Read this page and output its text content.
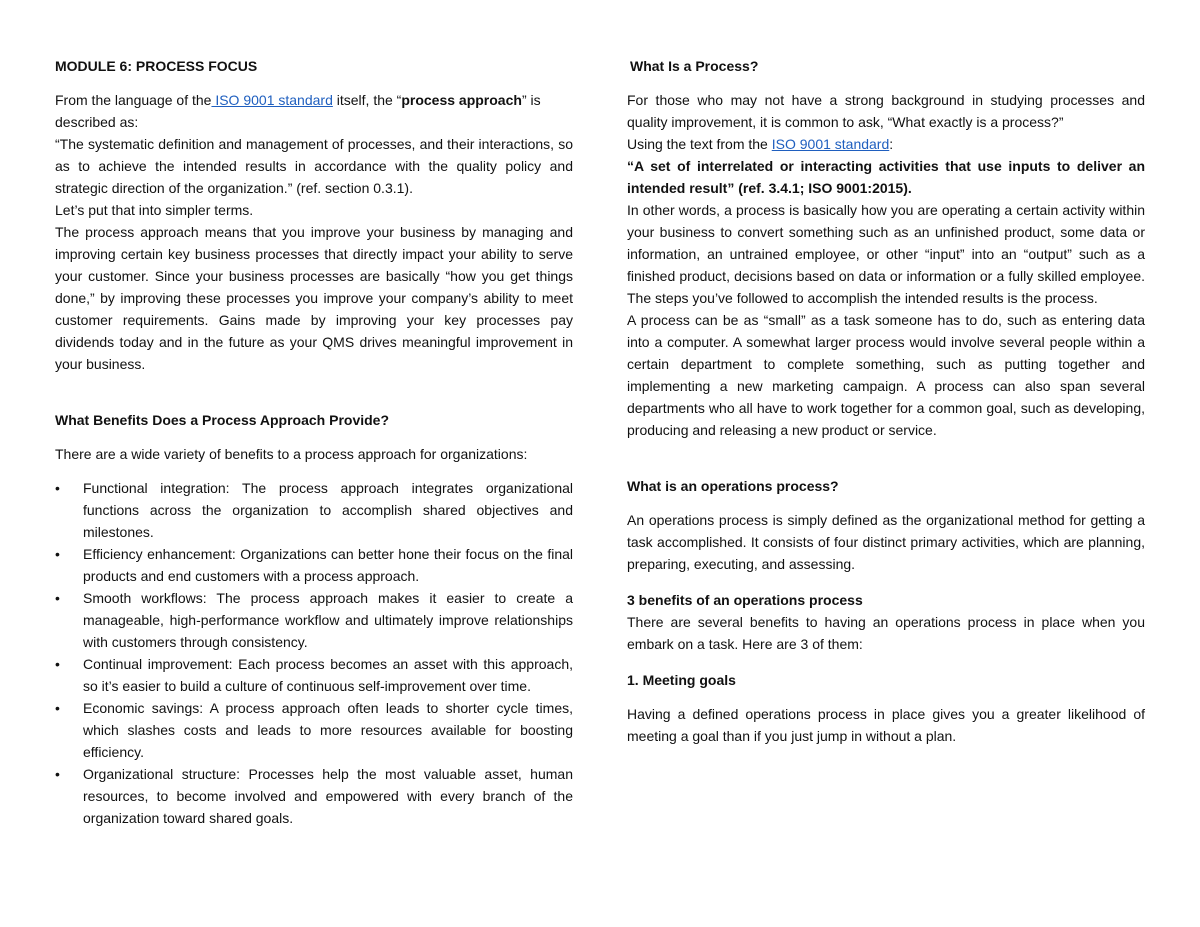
MODULE 6: PROCESS FOCUS

From the language of the ISO 9001 standard itself, the “process approach” is described as:

“The systematic definition and management of processes, and their interactions, so as to achieve the intended results in accordance with the quality policy and strategic direction of the organization.” (ref. section 0.3.1).

Let’s put that into simpler terms.

The process approach means that you improve your business by managing and improving certain key business processes that directly impact your ability to serve your customer. Since your business processes are basically “how you get things done,” by improving these processes you improve your company’s ability to meet customer requirements. Gains made by improving your key processes pay dividends today and in the future as your QMS drives meaningful improvement in your business.

What Benefits Does a Process Approach Provide?

There are a wide variety of benefits to a process approach for organizations:

• Functional integration: The process approach integrates organizational functions across the organization to accomplish shared objectives and milestones.
• Efficiency enhancement: Organizations can better hone their focus on the final products and end customers with a process approach.
• Smooth workflows: The process approach makes it easier to create a manageable, high-performance workflow and ultimately improve relationships with customers through consistency.
• Continual improvement: Each process becomes an asset with this approach, so it’s easier to build a culture of continuous self-improvement over time.
• Economic savings: A process approach often leads to shorter cycle times, which slashes costs and leads to more resources available for boosting efficiency.
• Organizational structure: Processes help the most valuable asset, human resources, to become involved and empowered with every branch of the organization toward shared goals.
What Is a Process?

For those who may not have a strong background in studying processes and quality improvement, it is common to ask, “What exactly is a process?”

Using the text from the ISO 9001 standard:

“A set of interrelated or interacting activities that use inputs to deliver an intended result” (ref. 3.4.1; ISO 9001:2015).

In other words, a process is basically how you are operating a certain activity within your business to convert something such as an unfinished product, some data or information, an untrained employee, or other “input” into an “output” such as a finished product, decisions based on data or information or a fully skilled employee. The steps you’ve followed to accomplish the intended results is the process.

A process can be as “small” as a task someone has to do, such as entering data into a computer. A somewhat larger process would involve several people within a certain department to complete something, such as putting together and implementing a new marketing campaign. A process can also span several departments who all have to work together for a common goal, such as developing, producing and releasing a new product or service.

What is an operations process?

An operations process is simply defined as the organizational method for getting a task accomplished. It consists of four distinct primary activities, which are planning, preparing, executing, and assessing.

3 benefits of an operations process

There are several benefits to having an operations process in place when you embark on a task. Here are 3 of them:

1. Meeting goals

Having a defined operations process in place gives you a greater likelihood of meeting a goal than if you just jump in without a plan.
